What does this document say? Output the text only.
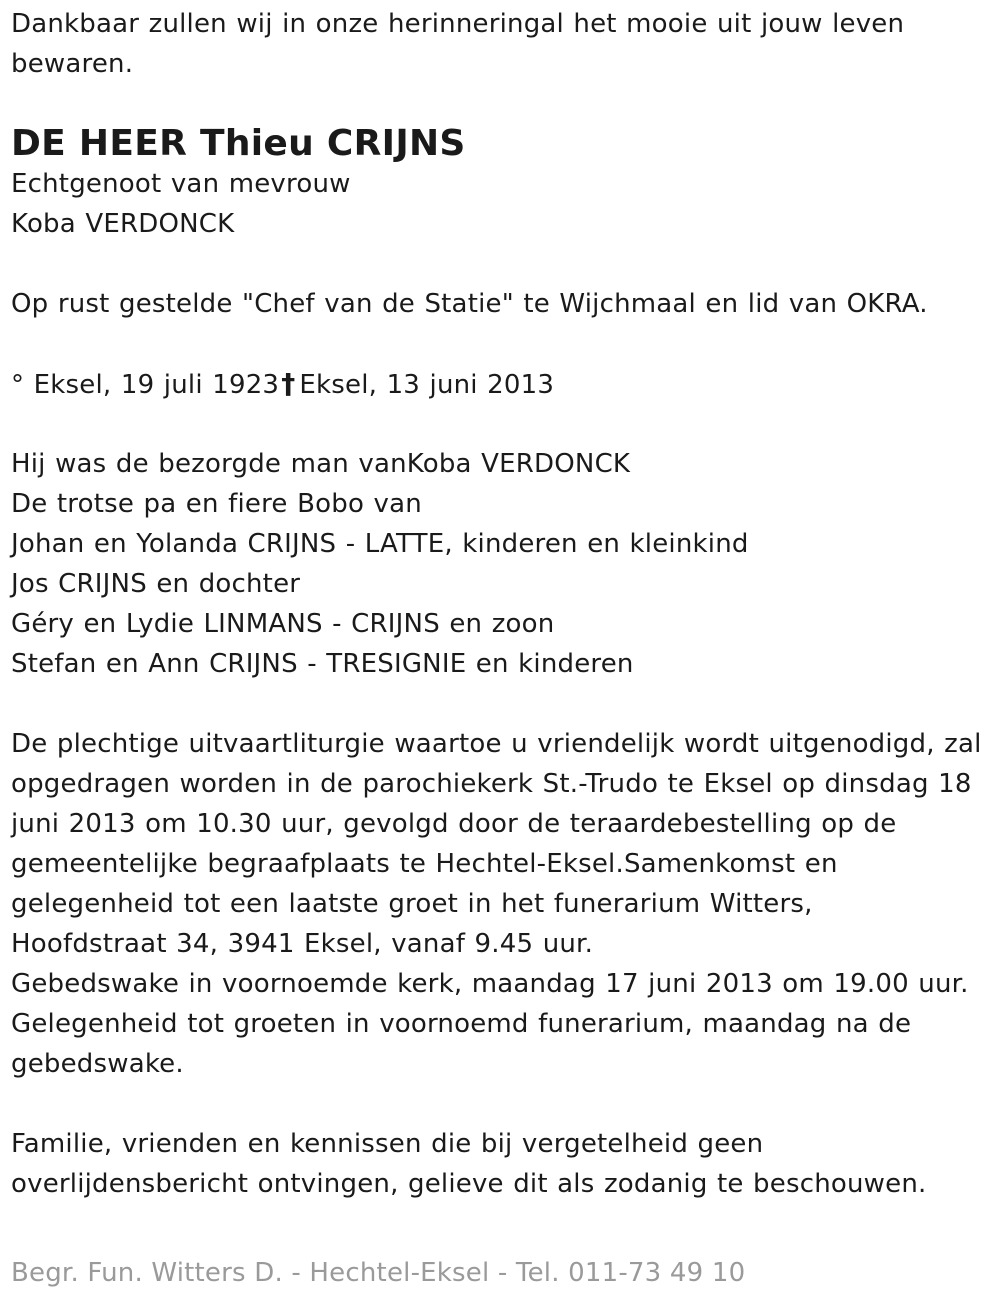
Dankbaar zullen wij in onze herinneringal het mooie uit jouw leven
bewaren.
DE HEER Thieu CRIJNS
Echtgenoot van mevrouw
Koba VERDONCK
Op rust gestelde "Chef van de Statie" te Wijchmaal en lid van OKRA.
° Eksel, 19 juli 1923† Eksel, 13 juni 2013
Hij was de bezorgde man vanKoba VERDONCK
De trotse pa en fiere Bobo van
Johan en Yolanda CRIJNS - LATTE, kinderen en kleinkind
Jos CRIJNS en dochter
Géry en Lydie LINMANS - CRIJNS en zoon
Stefan en Ann CRIJNS - TRESIGNIE en kinderen
De plechtige uitvaartliturgie waartoe u vriendelijk wordt uitgenodigd, zal
opgedragen worden in de parochiekerk St.-Trudo te Eksel op dinsdag 18
juni 2013 om 10.30 uur, gevolgd door de teraardebestelling op de
gemeentelijke begraafplaats te Hechtel-Eksel.Samenkomst en
gelegenheid tot een laatste groet in het funerarium Witters,
Hoofdstraat 34, 3941 Eksel, vanaf 9.45 uur.
Gebedswake in voornoemde kerk, maandag 17 juni 2013 om 19.00 uur.
Gelegenheid tot groeten in voornoemd funerarium, maandag na de
gebedswake.
Familie, vrienden en kennissen die bij vergetelheid geen
overlijdensbericht ontvingen, gelieve dit als zodanig te beschouwen.
Begr. Fun. Witters D. - Hechtel-Eksel - Tel. 011-73 49 10
